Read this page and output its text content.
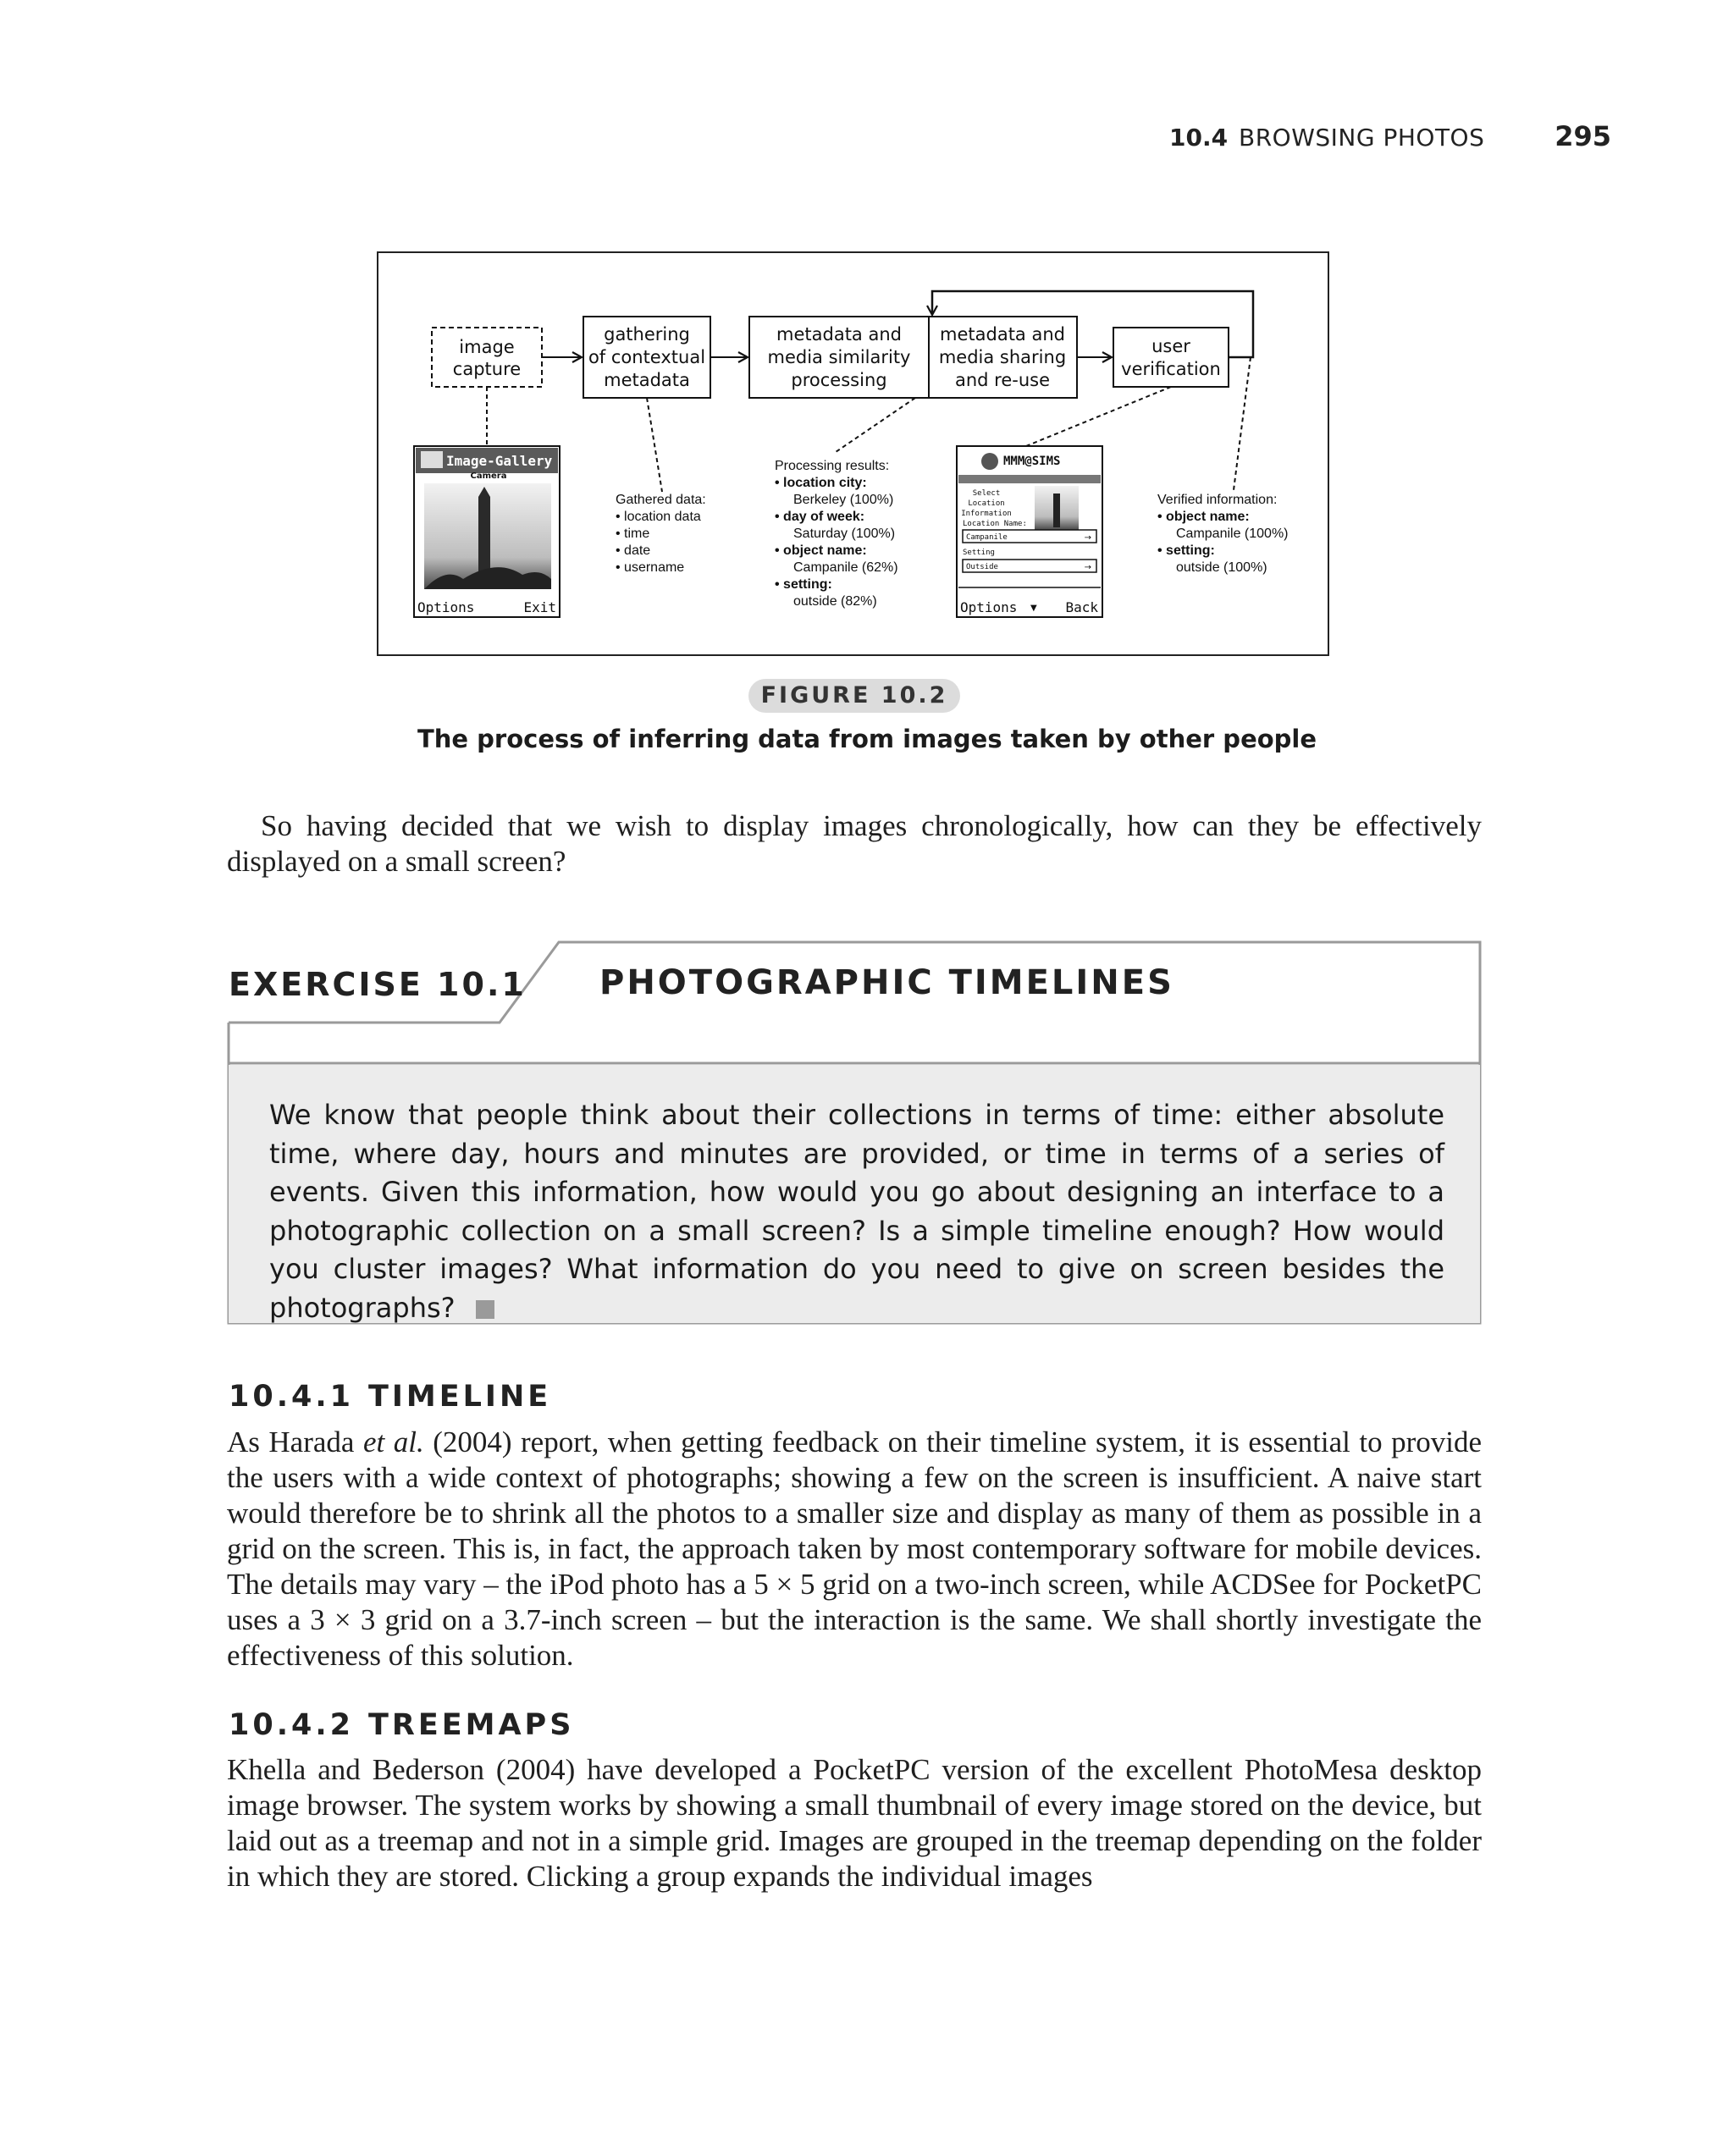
10.4 BROWSING PHOTOS	295
image
capture
gathering
of contextual
metadata
metadata and
media similarity
processing
metadata and
media sharing
and re-use
user
verification
Image-Gallery
Camera
Options	Exit
Gathered data:
• location data
• time
• date
• username
Processing results:
• location city:
Berkeley (100%)
• day of week:
Saturday (100%)
• object name:
Campanile (62%)
• setting:
outside (82%)
MMM@SIMS
Select
Location
Information
Location Name:
Campanile	→
Setting
Outside	→
Options ▼ Back
Verified information:
• object name:
Campanile (100%)
• setting:
outside (100%)
FIGURE 10.2
The process of inferring data from images taken by other people
So having decided that we wish to display images chronologically, how can they be effectively displayed on a small screen?
EXERCISE 10.1 PHOTOGRAPHIC TIMELINES
We know that people think about their collections in terms of time: either absolute time, where day, hours and minutes are provided, or time in terms of a series of events. Given this information, how would you go about designing an interface to a photographic collection on a small screen? Is a simple timeline enough? How would you cluster images? What information do you need to give on screen besides the photographs?
10.4.1 TIMELINE
As Harada et al. (2004) report, when getting feedback on their timeline system, it is essential to provide the users with a wide context of photographs; showing a few on the screen is insufficient. A naive start would therefore be to shrink all the photos to a smaller size and display as many of them as possible in a grid on the screen. This is, in fact, the approach taken by most contemporary software for mobile devices. The details may vary – the iPod photo has a 5 × 5 grid on a two-inch screen, while ACDSee for PocketPC uses a 3 × 3 grid on a 3.7-inch screen – but the interaction is the same. We shall shortly investigate the effectiveness of this solution.
10.4.2 TREEMAPS
Khella and Bederson (2004) have developed a PocketPC version of the excellent PhotoMesa desktop image browser. The system works by showing a small thumbnail of every image stored on the device, but laid out as a treemap and not in a simple grid. Images are grouped in the treemap depending on the folder in which they are stored. Clicking a group expands the individual images
